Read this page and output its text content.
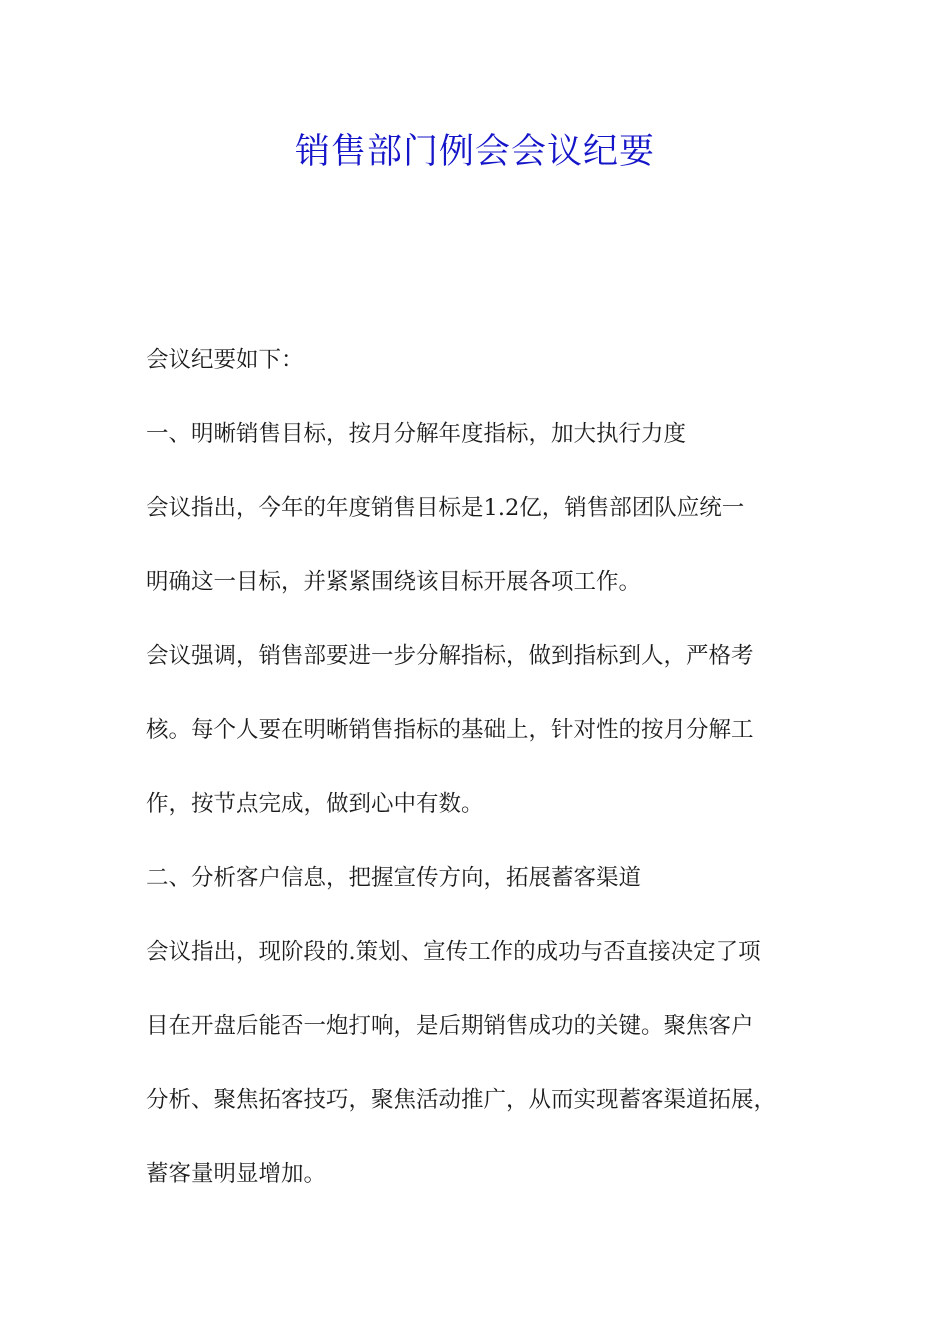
销售部门例会会议纪要

会议纪要如下：

一、明晰销售目标，按月分解年度指标，加大执行力度

会议指出，今年的年度销售目标是1.2亿，销售部团队应统一

明确这一目标，并紧紧围绕该目标开展各项工作。

会议强调，销售部要进一步分解指标，做到指标到人，严格考

核。每个人要在明晰销售指标的基础上，针对性的按月分解工

作，按节点完成，做到心中有数。

二、分析客户信息，把握宣传方向，拓展蓄客渠道

会议指出，现阶段的.策划、宣传工作的成功与否直接决定了项

目在开盘后能否一炮打响，是后期销售成功的关键。聚焦客户

分析、聚焦拓客技巧，聚焦活动推广，从而实现蓄客渠道拓展，

蓄客量明显增加。
